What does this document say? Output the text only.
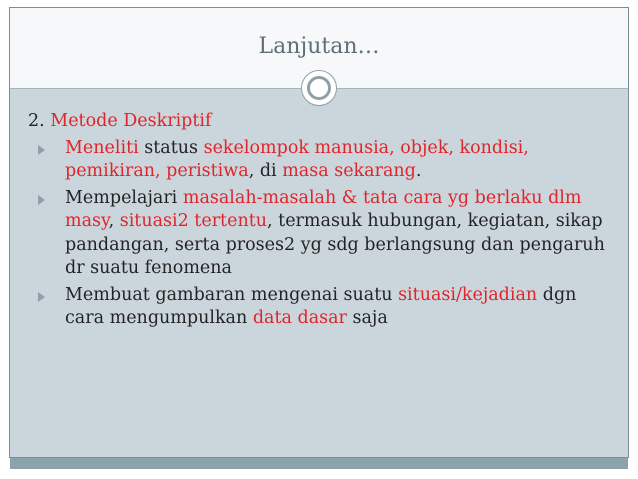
Lanjutan…
2. Metode Deskriptif
Meneliti status sekelompok manusia, objek, kondisi, pemikiran, peristiwa, di masa sekarang.
Mempelajari masalah-masalah & tata cara yg berlaku dlm masy, situasi2 tertentu, termasuk hubungan, kegiatan, sikap pandangan, serta proses2 yg sdg berlangsung dan pengaruh dr suatu fenomena
Membuat gambaran mengenai suatu situasi/kejadian dgn cara mengumpulkan data dasar saja
